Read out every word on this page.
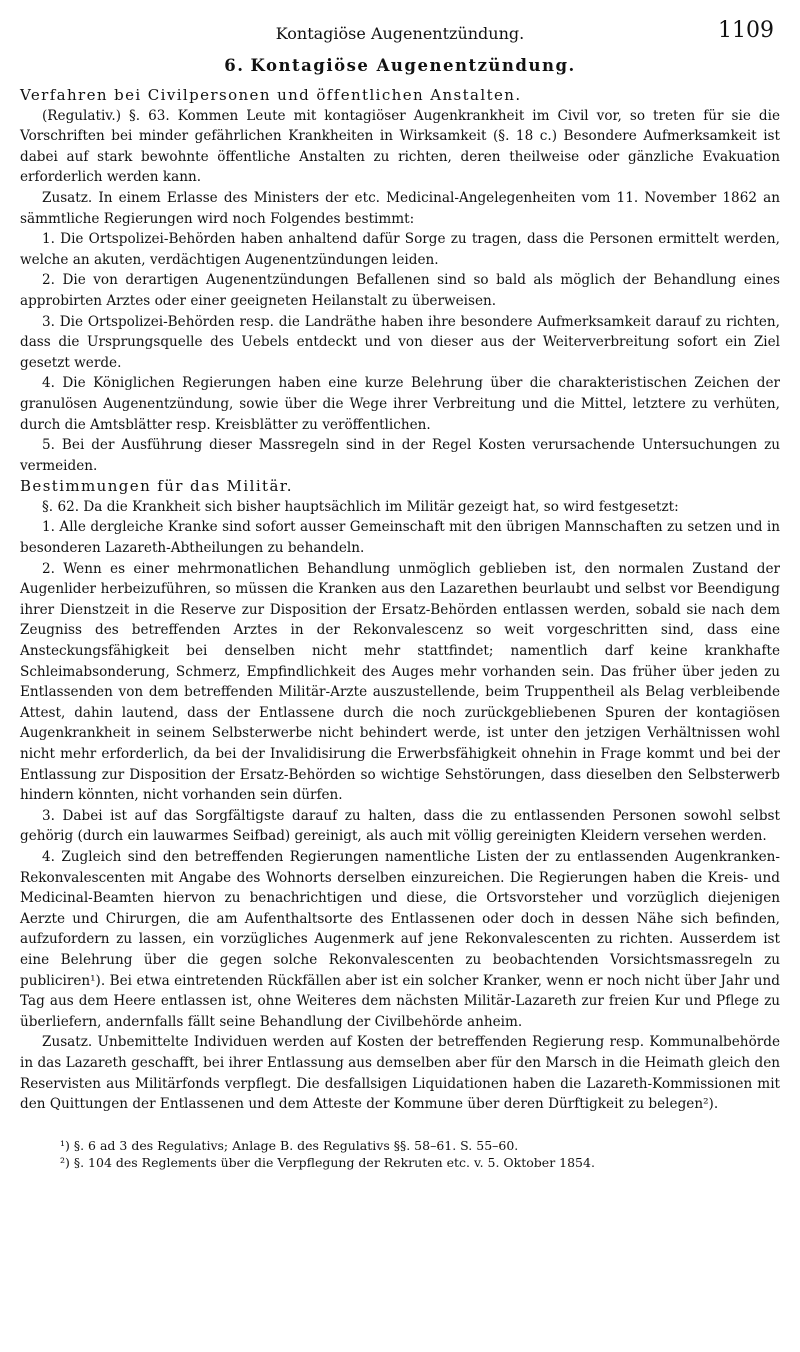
Kontagiöse Augenentzündung.	1109
6. Kontagiöse Augenentzündung.

Verfahren bei Civilpersonen und öffentlichen Anstalten.

(Regulativ.) §. 63. Kommen Leute mit kontagiöser Augenkrankheit im Civil vor, so treten für sie die Vorschriften bei minder gefährlichen Krankheiten in Wirksamkeit (§. 18 c.) Besondere Aufmerksamkeit ist dabei auf stark bewohnte öffentliche Anstalten zu richten, deren theilweise oder gänzliche Evakuation erforderlich werden kann.

Zusatz. In einem Erlasse des Ministers der etc. Medicinal-Angelegenheiten vom 11. November 1862 an sämmtliche Regierungen wird noch Folgendes bestimmt:

1. Die Ortspolizei-Behörden haben anhaltend dafür Sorge zu tragen, dass die Personen ermittelt werden, welche an akuten, verdächtigen Augenentzündungen leiden.

2. Die von derartigen Augenentzündungen Befallenen sind so bald als möglich der Behandlung eines approbirten Arztes oder einer geeigneten Heilanstalt zu überweisen.

3. Die Ortspolizei-Behörden resp. die Landräthe haben ihre besondere Aufmerksamkeit darauf zu richten, dass die Ursprungsquelle des Uebels entdeckt und von dieser aus der Weiterverbreitung sofort ein Ziel gesetzt werde.

4. Die Königlichen Regierungen haben eine kurze Belehrung über die charakteristischen Zeichen der granulösen Augenentzündung, sowie über die Wege ihrer Verbreitung und die Mittel, letztere zu verhüten, durch die Amtsblätter resp. Kreisblätter zu veröffentlichen.

5. Bei der Ausführung dieser Massregeln sind in der Regel Kosten verursachende Untersuchungen zu vermeiden.

Bestimmungen für das Militär.

§. 62. Da die Krankheit sich bisher hauptsächlich im Militär gezeigt hat, so wird festgesetzt:

1. Alle dergleiche Kranke sind sofort ausser Gemeinschaft mit den übrigen Mannschaften zu setzen und in besonderen Lazareth-Abtheilungen zu behandeln.

2. Wenn es einer mehrmonatlichen Behandlung unmöglich geblieben ist, den normalen Zustand der Augenlider herbeizuführen, so müssen die Kranken aus den Lazarethen beurlaubt und selbst vor Beendigung ihrer Dienstzeit in die Reserve zur Disposition der Ersatz-Behörden entlassen werden, sobald sie nach dem Zeugniss des betreffenden Arztes in der Rekonvalescenz so weit vorgeschritten sind, dass eine Ansteckungsfähigkeit bei denselben nicht mehr stattfindet; namentlich darf keine krankhafte Schleimabsonderung, Schmerz, Empfindlichkeit des Auges mehr vorhanden sein. Das früher über jeden zu Entlassenden von dem betreffenden Militär-Arzte auszustellende, beim Truppentheil als Belag verbleibende Attest, dahin lautend, dass der Entlassene durch die noch zurückgebliebenen Spuren der kontagiösen Augenkrankheit in seinem Selbsterwerbe nicht behindert werde, ist unter den jetzigen Verhältnissen wohl nicht mehr erforderlich, da bei der Invalidisirung die Erwerbsfähigkeit ohnehin in Frage kommt und bei der Entlassung zur Disposition der Ersatz-Behörden so wichtige Sehstörungen, dass dieselben den Selbsterwerb hindern könnten, nicht vorhanden sein dürfen.

3. Dabei ist auf das Sorgfältigste darauf zu halten, dass die zu entlassenden Personen sowohl selbst gehörig (durch ein lauwarmes Seifbad) gereinigt, als auch mit völlig gereinigten Kleidern versehen werden.

4. Zugleich sind den betreffenden Regierungen namentliche Listen der zu entlassenden Augenkranken-Rekonvalescenten mit Angabe des Wohnorts derselben einzureichen. Die Regierungen haben die Kreis- und Medicinal-Beamten hiervon zu benachrichtigen und diese, die Ortsvorsteher und vorzüglich diejenigen Aerzte und Chirurgen, die am Aufenthaltsorte des Entlassenen oder doch in dessen Nähe sich befinden, aufzufordern zu lassen, ein vorzügliches Augenmerk auf jene Rekonvalescenten zu richten. Ausserdem ist eine Belehrung über die gegen solche Rekonvalescenten zu beobachtenden Vorsichtsmassregeln zu publiciren¹). Bei etwa eintretenden Rückfällen aber ist ein solcher Kranker, wenn er noch nicht über Jahr und Tag aus dem Heere entlassen ist, ohne Weiteres dem nächsten Militär-Lazareth zur freien Kur und Pflege zu überliefern, andernfalls fällt seine Behandlung der Civilbehörde anheim.

Zusatz. Unbemittelte Individuen werden auf Kosten der betreffenden Regierung resp. Kommunalbehörde in das Lazareth geschafft, bei ihrer Entlassung aus demselben aber für den Marsch in die Heimath gleich den Reservisten aus Militärfonds verpflegt. Die desfallsigen Liquidationen haben die Lazareth-Kommissionen mit den Quittungen der Entlassenen und dem Atteste der Kommune über deren Dürftigkeit zu belegen²).

¹) §. 6 ad 3 des Regulativs; Anlage B. des Regulativs §§. 58–61. S. 55–60.

²) §. 104 des Reglements über die Verpflegung der Rekruten etc. v. 5. Oktober 1854.
